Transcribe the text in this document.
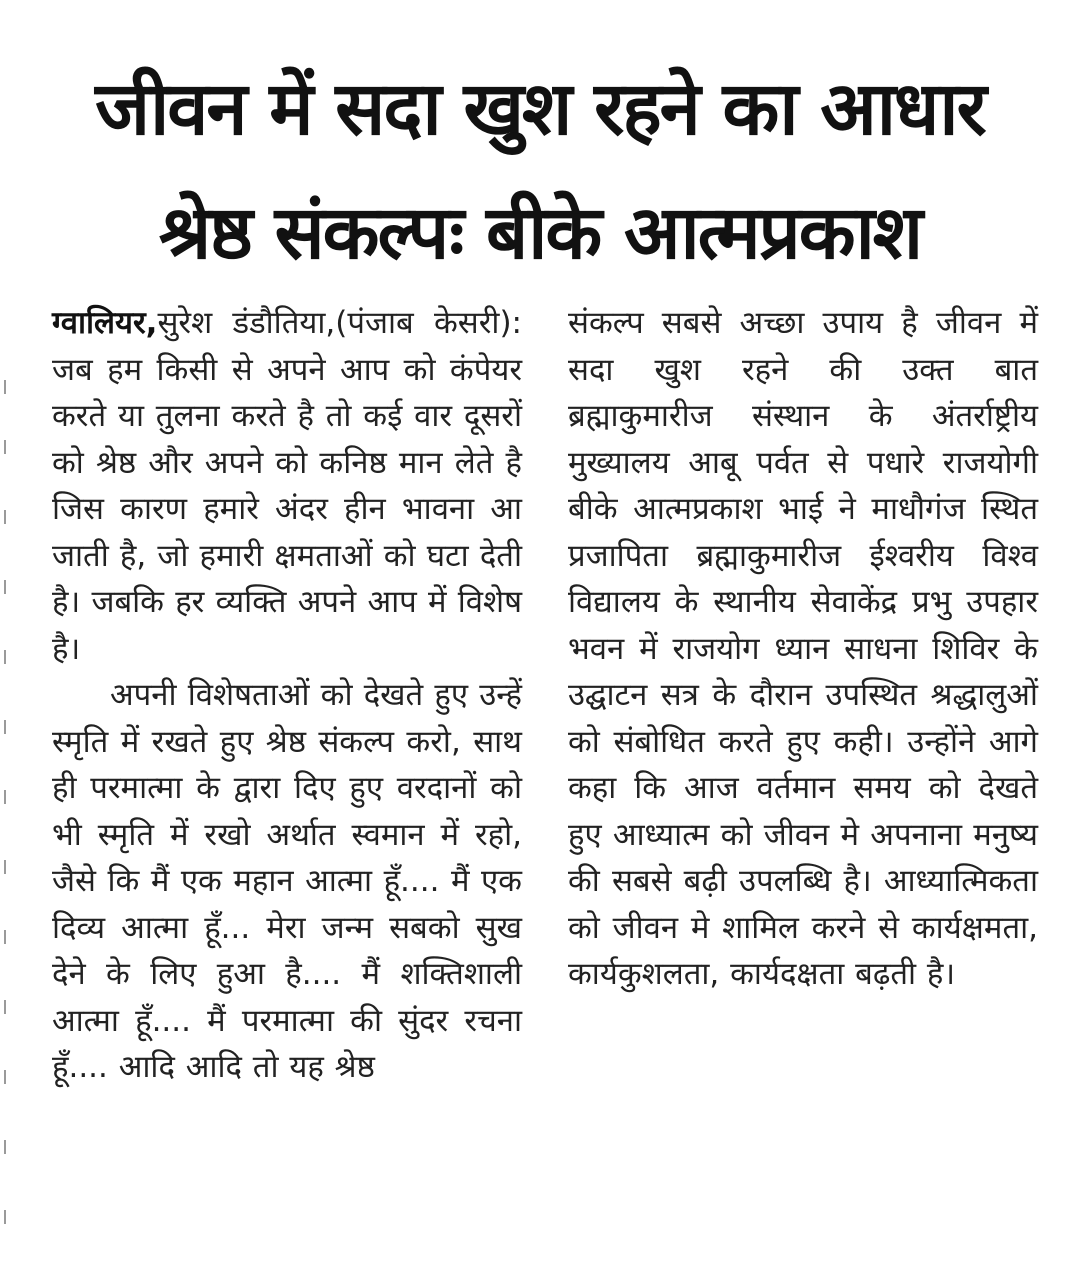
जीवन में सदा खुश रहने का आधार
श्रेष्ठ संकल्पः बीके आत्मप्रकाश

ग्वालियर,सुरेश डंडौतिया,(पंजाब केसरी): जब हम किसी से अपने आप को कंपेयर करते या तुलना करते है तो कई वार दूसरों को श्रेष्ठ और अपने को कनिष्ठ मान लेते है जिस कारण हमारे अंदर हीन भावना आ जाती है, जो हमारी क्षमताओं को घटा देती है। जबकि हर व्यक्ति अपने आप में विशेष है।

अपनी विशेषताओं को देखते हुए उन्हें स्मृति में रखते हुए श्रेष्ठ संकल्प करो, साथ ही परमात्मा के द्वारा दिए हुए वरदानों को भी स्मृति में रखो अर्थात स्वमान में रहो, जैसे कि मैं एक महान आत्मा हूँ.... मैं एक दिव्य आत्मा हूँ... मेरा जन्म सबको सुख देने के लिए हुआ है.... मैं शक्तिशाली आत्मा हूँ.... मैं परमात्मा की सुंदर रचना हूँ.... आदि आदि तो यह श्रेष्ठ

संकल्प सबसे अच्छा उपाय है जीवन में सदा खुश रहने की उक्त बात ब्रह्माकुमारीज संस्थान के अंतर्राष्ट्रीय मुख्यालय आबू पर्वत से पधारे राजयोगी बीके आत्मप्रकाश भाई ने माधौगंज स्थित प्रजापिता ब्रह्माकुमारीज ईश्वरीय विश्व विद्यालय के स्थानीय सेवाकेंद्र प्रभु उपहार भवन में राजयोग ध्यान साधना शिविर के उद्घाटन सत्र के दौरान उपस्थित श्रद्धालुओं को संबोधित करते हुए कही। उन्होंने आगे कहा कि आज वर्तमान समय को देखते हुए आध्यात्म को जीवन मे अपनाना मनुष्य की सबसे बढ़ी उपलब्धि है। आध्यात्मिकता को जीवन मे शामिल करने से कार्यक्षमता, कार्यकुशलता, कार्यदक्षता बढ़ती है।
